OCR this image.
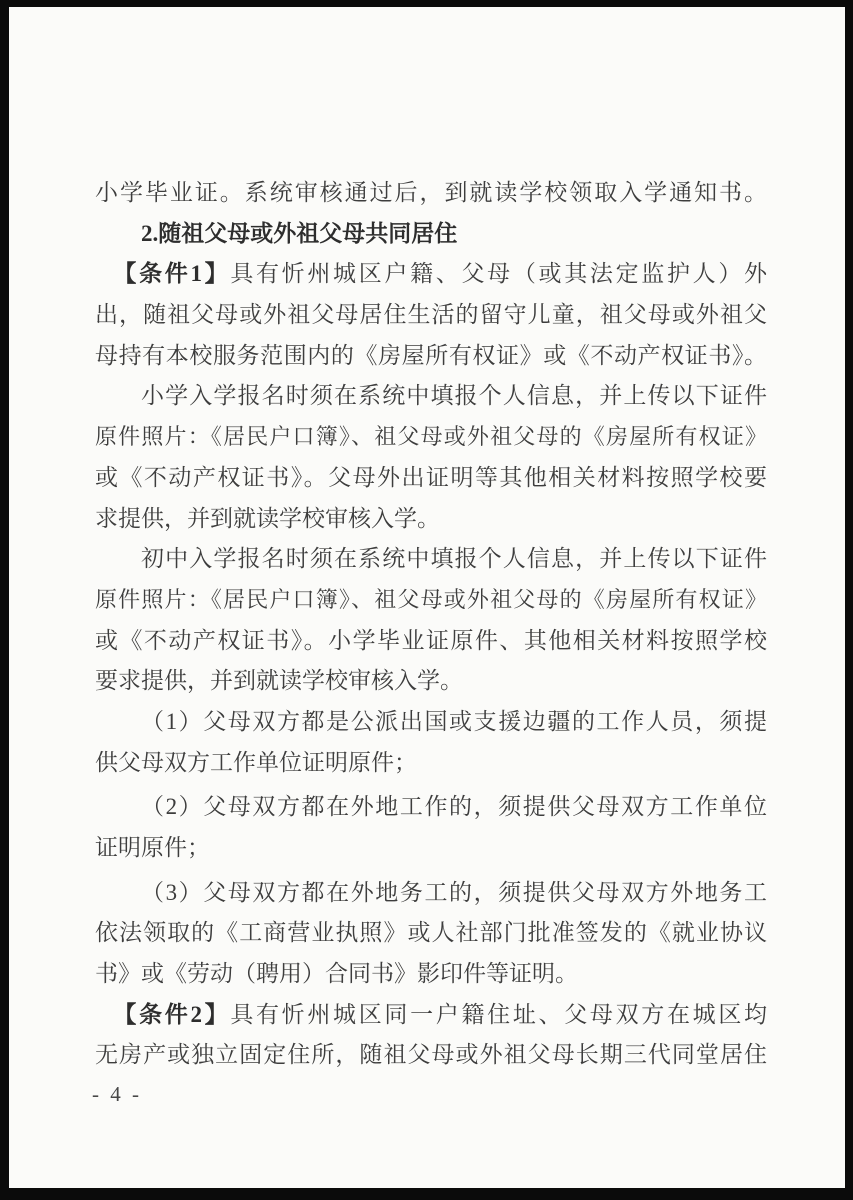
小学毕业证。系统审核通过后，到就读学校领取入学通知书。
2.随祖父母或外祖父母共同居住
【条件1】具有忻州城区户籍、父母（或其法定监护人）外
出，随祖父母或外祖父母居住生活的留守儿童，祖父母或外祖父
母持有本校服务范围内的《房屋所有权证》或《不动产权证书》。
小学入学报名时须在系统中填报个人信息，并上传以下证件
原件照片：《居民户口簿》、祖父母或外祖父母的《房屋所有权证》
或《不动产权证书》。父母外出证明等其他相关材料按照学校要
求提供，并到就读学校审核入学。
初中入学报名时须在系统中填报个人信息，并上传以下证件
原件照片：《居民户口簿》、祖父母或外祖父母的《房屋所有权证》
或《不动产权证书》。小学毕业证原件、其他相关材料按照学校
要求提供，并到就读学校审核入学。
（1）父母双方都是公派出国或支援边疆的工作人员，须提
供父母双方工作单位证明原件；
（2）父母双方都在外地工作的，须提供父母双方工作单位
证明原件；
（3）父母双方都在外地务工的，须提供父母双方外地务工
依法领取的《工商营业执照》或人社部门批准签发的《就业协议
书》或《劳动（聘用）合同书》影印件等证明。
【条件2】具有忻州城区同一户籍住址、父母双方在城区均
无房产或独立固定住所，随祖父母或外祖父母长期三代同堂居住
- 4 -
